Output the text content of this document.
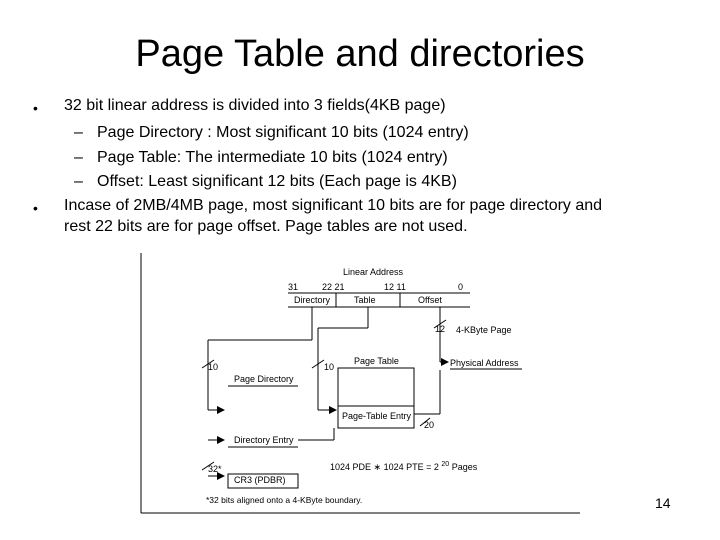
Page Table and directories
• 32 bit linear address is divided into 3 fields(4KB page)
– Page Directory : Most significant 10 bits (1024 entry)
– Page Table: The intermediate 10 bits (1024 entry)
– Offset: Least significant 12 bits (Each page is 4KB)
• Incase of 2MB/4MB page, most significant 10 bits are for page directory and
rest 22 bits are for page offset. Page tables are not used.
Linear Address
31	22 21	12 11	0
Directory	Table	Offset
12 4-KByte Page
Physical Address
10	10
Page Table
Page-Table Entry
20
Page Directory
Directory Entry
32*
CR3 (PDBR)
1024 PDE ∗ 1024 PTE = 2 $^{20}$ Pages
*32 bits aligned onto a 4-KByte boundary.	14
